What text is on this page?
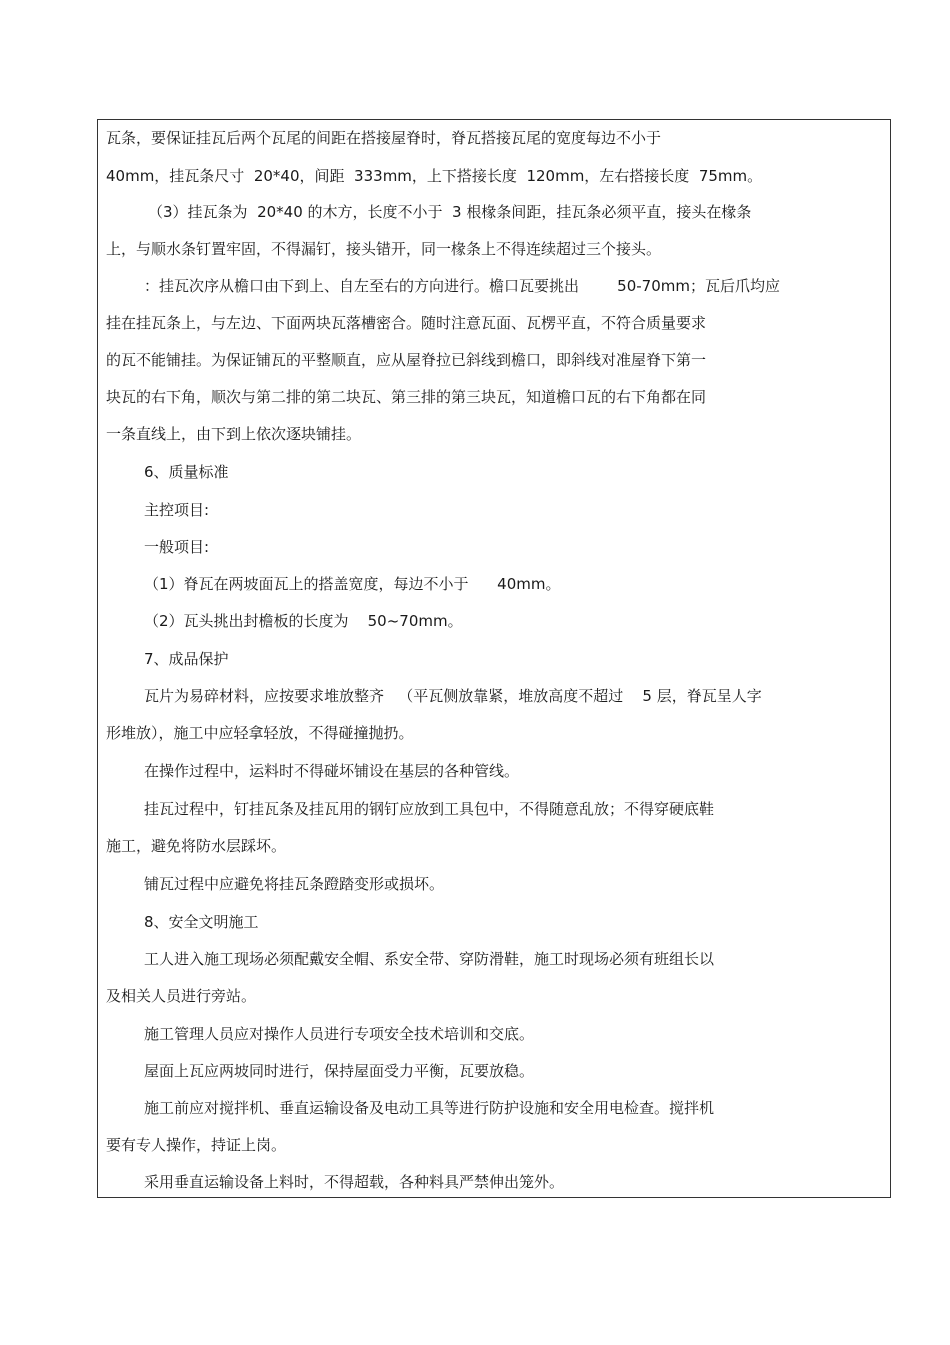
瓦条，要保证挂瓦后两个瓦尾的间距在搭接屋脊时，脊瓦搭接瓦尾的宽度每边不小于
40mm，挂瓦条尺寸  20*40，间距  333mm，上下搭接长度  120mm，左右搭接长度  75mm。
（3）挂瓦条为  20*40 的木方，长度不小于  3 根椽条间距，挂瓦条必须平直，接头在椽条
上，与顺水条钉置牢固，不得漏钉，接头错开，同一椽条上不得连续超过三个接头。
：挂瓦次序从檐口由下到上、自左至右的方向进行。檐口瓦要挑出        50-70mm；瓦后爪均应
挂在挂瓦条上，与左边、下面两块瓦落槽密合。随时注意瓦面、瓦楞平直，不符合质量要求
的瓦不能铺挂。为保证铺瓦的平整顺直，应从屋脊拉已斜线到檐口，即斜线对准屋脊下第一
块瓦的右下角，顺次与第二排的第二块瓦、第三排的第三块瓦，知道檐口瓦的右下角都在同
一条直线上，由下到上依次逐块铺挂。
6、质量标准
主控项目:
一般项目:
（1）脊瓦在两坡面瓦上的搭盖宽度，每边不小于      40mm。
（2）瓦头挑出封檐板的长度为    50~70mm。
7、成品保护
瓦片为易碎材料，应按要求堆放整齐   （平瓦侧放靠紧，堆放高度不超过    5 层，脊瓦呈人字
形堆放），施工中应轻拿轻放，不得碰撞抛扔。
在操作过程中，运料时不得碰坏铺设在基层的各种管线。
挂瓦过程中，钉挂瓦条及挂瓦用的钢钉应放到工具包中，不得随意乱放；不得穿硬底鞋
施工，避免将防水层踩坏。
铺瓦过程中应避免将挂瓦条蹬踏变形或损坏。
8、安全文明施工
工人进入施工现场必须配戴安全帽、系安全带、穿防滑鞋，施工时现场必须有班组长以
及相关人员进行旁站。
施工管理人员应对操作人员进行专项安全技术培训和交底。
屋面上瓦应两坡同时进行，保持屋面受力平衡，瓦要放稳。
施工前应对搅拌机、垂直运输设备及电动工具等进行防护设施和安全用电检查。搅拌机
要有专人操作，持证上岗。
采用垂直运输设备上料时，不得超载，各种料具严禁伸出笼外。
